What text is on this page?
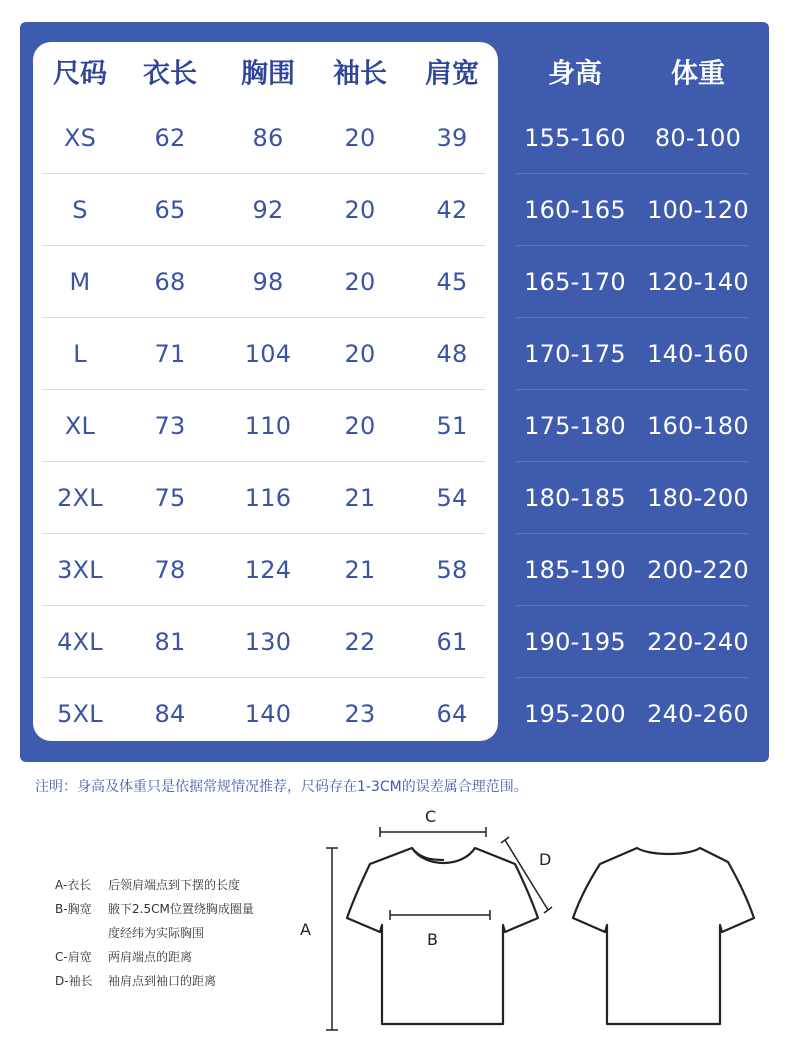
尺码 衣长 胸围 袖长 肩宽	身高	体重
XS 62	86	20	39 155-160 80-100
S	65	92	20	42 160-165 100-120
M	68	98	20	45 165-170 120-140
L	71 104 20	48 170-175 140-160
XL 73 110 20	51 175-180 160-180
2XL 75 116 21	54 180-185 180-200
3XL 78 124 21	58 185-190 200-220
4XL 81 130 22	61 190-195 220-240
5XL 84 140 23	64 195-200 240-260
注明：身高及体重只是依据常规情况推荐，尺码存在1-3CM的误差属合理范围。
A-衣长 后领肩端点到下摆的长度
B-胸宽 腋下2.5CM位置绕胸成圈量
度经纬为实际胸围
C-肩宽 两肩端点的距离
D-袖长 袖肩点到袖口的距离
A
B
C
D
